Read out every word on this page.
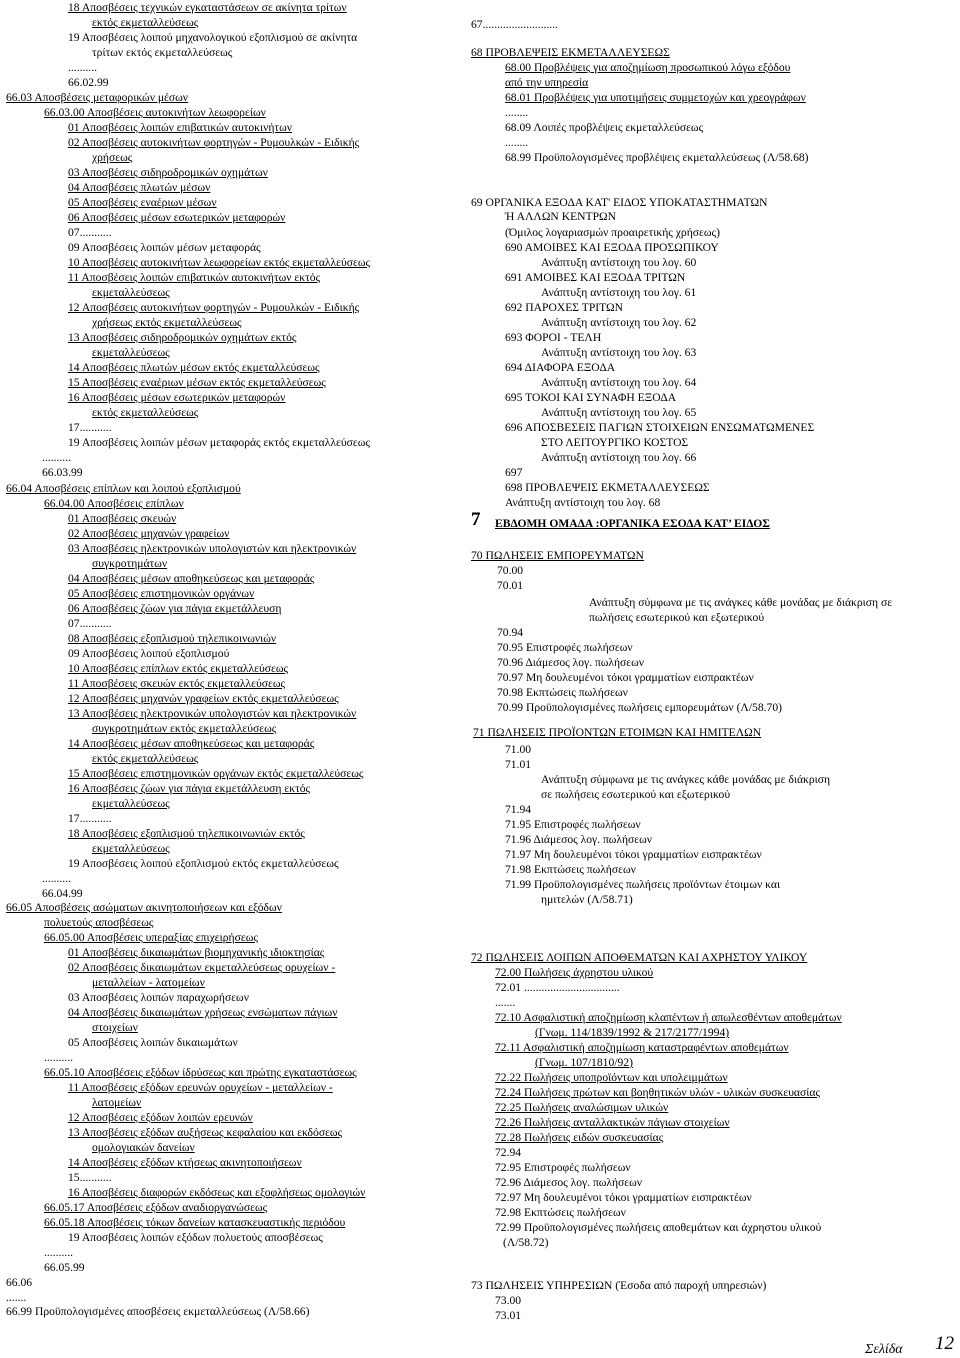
18 Αποσβέσεις τεχνικών εγκαταστάσεων σε ακίνητα τρίτων
εκτός εκμεταλλεύσεως
19 Αποσβέσεις λοιπού μηχανολογικού εξοπλισμού σε ακίνητα
τρίτων εκτός εκμεταλλεύσεως
..........
66.02.99
66.03 Αποσβέσεις μεταφορικών μέσων
66.03.00 Αποσβέσεις αυτοκινήτων λεωφορείων
01 Αποσβέσεις λοιπών επιβατικών αυτοκινήτων
02 Αποσβέσεις αυτοκινήτων φορτηγών - Ρυμουλκών - Ειδικής
χρήσεως
03 Αποσβέσεις σιδηροδρομικών οχημάτων
04 Αποσβέσεις πλωτών μέσων
05 Αποσβέσεις εναέριων μέσων
06 Αποσβέσεις μέσων εσωτερικών μεταφορών
07...........
09 Αποσβέσεις λοιπών μέσων μεταφοράς
10 Αποσβέσεις αυτοκινήτων λεωφορείων εκτός εκμεταλλεύσεως
11 Αποσβέσεις λοιπών επιβατικών αυτοκινήτων εκτός
εκμεταλλεύσεως
12 Αποσβέσεις αυτοκινήτων φορτηγών - Ρυμουλκών - Ειδικής
χρήσεως εκτός εκμεταλλεύσεως
13 Αποσβέσεις σιδηροδρομικών οχημάτων εκτός
εκμεταλλεύσεως
14 Αποσβέσεις πλωτών μέσων εκτός εκμεταλλεύσεως
15 Αποσβέσεις εναέριων μέσων εκτός εκμεταλλεύσεως
16 Αποσβέσεις μέσων εσωτερικών μεταφορών
εκτός εκμεταλλεύσεως
17...........
19 Αποσβέσεις λοιπών μέσων μεταφοράς εκτός εκμεταλλεύσεως
..........
66.03.99
66.04 Αποσβέσεις επίπλων και λοιπού εξοπλισμού
66.04.00 Αποσβέσεις επίπλων
01 Αποσβέσεις σκευών
02 Αποσβέσεις μηχανών γραφείων
03 Αποσβέσεις ηλεκτρονικών υπολογιστών και ηλεκτρονικών
συγκροτημάτων
04 Αποσβέσεις μέσων αποθηκεύσεως και μεταφοράς
05 Αποσβέσεις επιστημονικών οργάνων
06 Αποσβέσεις ζώων για πάγια εκμετάλλευση
07...........
08 Αποσβέσεις εξοπλισμού τηλεπικοινωνιών
09 Αποσβέσεις λοιπού εξοπλισμού
10 Αποσβέσεις επίπλων εκτός εκμεταλλεύσεως
11 Αποσβέσεις σκευών εκτός εκμεταλλεύσεως
12 Αποσβέσεις μηχανών γραφείων εκτός εκμεταλλεύσεως
13 Αποσβέσεις ηλεκτρονικών υπολογιστών και ηλεκτρονικών
συγκροτημάτων εκτός εκμεταλλεύσεως
14 Αποσβέσεις μέσων αποθηκεύσεως και μεταφοράς
εκτός εκμεταλλεύσεως
15 Αποσβέσεις επιστημονικών οργάνων εκτός εκμεταλλεύσεως
16 Αποσβέσεις ζώων για πάγια εκμετάλλευση εκτός
εκμεταλλεύσεως
17...........
18 Αποσβέσεις εξοπλισμού τηλεπικοινωνιών εκτός
εκμεταλλεύσεως
19 Αποσβέσεις λοιπού εξοπλισμού εκτός εκμεταλλεύσεως
..........
66.04.99
66.05 Αποσβέσεις ασώματων ακινητοποιήσεων και εξόδων
πολυετούς αποσβέσεως
66.05.00 Αποσβέσεις υπεραξίας επιχειρήσεως
01 Αποσβέσεις δικαιωμάτων βιομηχανικής ιδιοκτησίας
02 Αποσβέσεις δικαιωμάτων εκμεταλλεύσεως ορυχείων -
μεταλλείων - λατομείων
03 Αποσβέσεις λοιπών παραχωρήσεων
04 Αποσβέσεις δικαιωμάτων χρήσεως ενσώματων πάγιων
στοιχείων
05 Αποσβέσεις λοιπών δικαιωμάτων
..........
66.05.10 Αποσβέσεις εξόδων ίδρύσεως και πρώτης εγκαταστάσεως
11 Αποσβέσεις εξόδων ερευνών ορυχείων - μεταλλείων -
λατομείων
12 Αποσβέσεις εξόδων λοιπών ερευνών
13 Αποσβέσεις εξόδων αυξήσεως κεφαλαίου και εκδόσεως
ομολογιακών δανείων
14 Αποσβέσεις εξόδων κτήσεως ακινητοποιήσεων
15...........
16 Αποσβέσεις διαφορών εκδόσεως και εξοφλήσεως ομολογιών
66.05.17 Αποσβέσεις εξόδων αναδιοργανώσεως
66.05.18 Αποσβέσεις τόκων δανείων κατασκευαστικής περιόδου
19 Αποσβέσεις λοιπών εξόδων πολυετούς αποσβέσεως
..........
66.05.99
66.06
.......
66.99 Προϋπολογισμένες αποσβέσεις εκμεταλλεύσεως (Λ/58.66)
67..........................
68 ΠΡΟΒΛΕΨΕΙΣ ΕΚΜΕΤΑΛΛΕΥΣΕΩΣ
68.00 Προβλέψεις για αποζημίωση προσωπικού λόγω εξόδου
από την υπηρεσία
68.01 Προβλέψεις για υποτιμήσεις συμμετοχών και χρεογράφων
........
68.09 Λοιπές προβλέψεις εκμεταλλεύσεως
........
68.99 Προϋπολογισμένες προβλέψεις εκμεταλλεύσεως (Λ/58.68)
69 ΟΡΓΑΝΙΚΑ ΕΞΟΔΑ ΚΑΤ' ΕΙΔΟΣ ΥΠΟΚΑΤΑΣΤΗΜΑΤΩΝ
Ή ΑΛΛΩΝ ΚΕΝΤΡΩΝ
(Όμιλος λογαριασμών προαιρετικής χρήσεως)
690 ΑΜΟΙΒΕΣ ΚΑΙ ΕΞΟΔΑ ΠΡΟΣΩΠΙΚΟΥ
Ανάπτυξη αντίστοιχη του λογ. 60
691 ΑΜΟΙΒΕΣ ΚΑΙ ΕΞΟΔΑ ΤΡΙΤΩΝ
Ανάπτυξη αντίστοιχη του λογ. 61
692 ΠΑΡΟΧΕΣ ΤΡΙΤΩΝ
Ανάπτυξη αντίστοιχη του λογ. 62
693 ΦΟΡΟΙ - ΤΕΛΗ
Ανάπτυξη αντίστοιχη του λογ. 63
694 ΔΙΑΦΟΡΑ ΕΞΟΔΑ
Ανάπτυξη αντίστοιχη του λογ. 64
695 ΤΟΚΟΙ ΚΑΙ ΣΥΝΑΦΗ ΕΞΟΔΑ
Ανάπτυξη αντίστοιχη του λογ. 65
696 ΑΠΟΣΒΕΣΕΙΣ ΠΑΓΙΩΝ ΣΤΟΙΧΕΙΩΝ ΕΝΣΩΜΑΤΩΜΕΝΕΣ
ΣΤΟ ΛΕΙΤΟΥΡΓΙΚΟ ΚΟΣΤΟΣ
Ανάπτυξη αντίστοιχη του λογ. 66
697
698 ΠΡΟΒΛΕΨΕΙΣ ΕΚΜΕΤΑΛΛΕΥΣΕΩΣ
Ανάπτυξη αντίστοιχη του λογ. 68
7 ΕΒΔΟΜΗ ΟΜΑΔΑ :ΟΡΓΑΝΙΚΑ ΕΣΟΔΑ ΚΑΤ’ ΕΙΔΟΣ
70 ΠΩΛΗΣΕΙΣ ΕΜΠΟΡΕΥΜΑΤΩΝ
70.00
70.01
Ανάπτυξη σύμφωνα με τις ανάγκες κάθε μονάδας με διάκριση σε
πωλήσεις εσωτερικού και εξωτερικού
70.94
70.95 Επιστροφές πωλήσεων
70.96 Διάμεσος λογ. πωλήσεων
70.97 Μη δουλευμένοι τόκοι γραμματίων εισπρακτέων
70.98 Εκπτώσεις πωλήσεων
70.99 Προϋπολογισμένες πωλήσεις εμπορευμάτων (Λ/58.70)
71 ΠΩΛΗΣΕΙΣ ΠΡΟΪΟΝΤΩΝ ΕΤΟΙΜΩΝ ΚΑΙ ΗΜΙΤΕΛΩΝ
71.00
71.01
Ανάπτυξη σύμφωνα με τις ανάγκες κάθε μονάδας με διάκριση
σε πωλήσεις εσωτερικού και εξωτερικού
71.94
71.95 Επιστροφές πωλήσεων
71.96 Διάμεσος λογ. πωλήσεων
71.97 Μη δουλευμένοι τόκοι γραμματίων εισπρακτέων
71.98 Εκπτώσεις πωλήσεων
71.99 Προϋπολογισμένες πωλήσεις προϊόντων έτοιμων και
ημιτελών (Λ/58.71)
72 ΠΩΛΗΣΕΙΣ ΛΟΙΠΩΝ ΑΠΟΘΕΜΑΤΩΝ ΚΑΙ ΑΧΡΗΣΤΟΥ ΥΛΙΚΟΥ
72.00 Πωλήσεις άχρηστου υλικού
72.01 .................................
.......
72.10 Ασφαλιστική αποζημίωση κλαπέντων ή απωλεσθέντων αποθεμάτων
(Γνωμ. 114/1839/1992 & 217/2177/1994)
72.11 Ασφαλιστική αποζημίωση καταστραφέντων αποθεμάτων
(Γνωμ. 107/1810/92)
72.22 Πωλήσεις υποπροϊόντων και υπολειμμάτων
72.24 Πωλήσεις πρώτων και βοηθητικών υλών - υλικών συσκευασίας
72.25 Πωλήσεις αναλώσιμων υλικών
72.26 Πωλήσεις ανταλλακτικών πάγιων στοιχείων
72.28 Πωλήσεις ειδών συσκευασίας
72.94
72.95 Επιστροφές πωλήσεων
72.96 Διάμεσος λογ. πωλήσεων
72.97 Μη δουλευμένοι τόκοι γραμματίων εισπρακτέων
72.98 Εκπτώσεις πωλήσεων
72.99 Προϋπολογισμένες πωλήσεις αποθεμάτων και άχρηστου υλικού
(Λ/58.72)
73 ΠΩΛΗΣΕΙΣ ΥΠΗΡΕΣΙΩΝ (Έσοδα από παροχή υπηρεσιών)
73.00
73.01
Σελίδα 12
